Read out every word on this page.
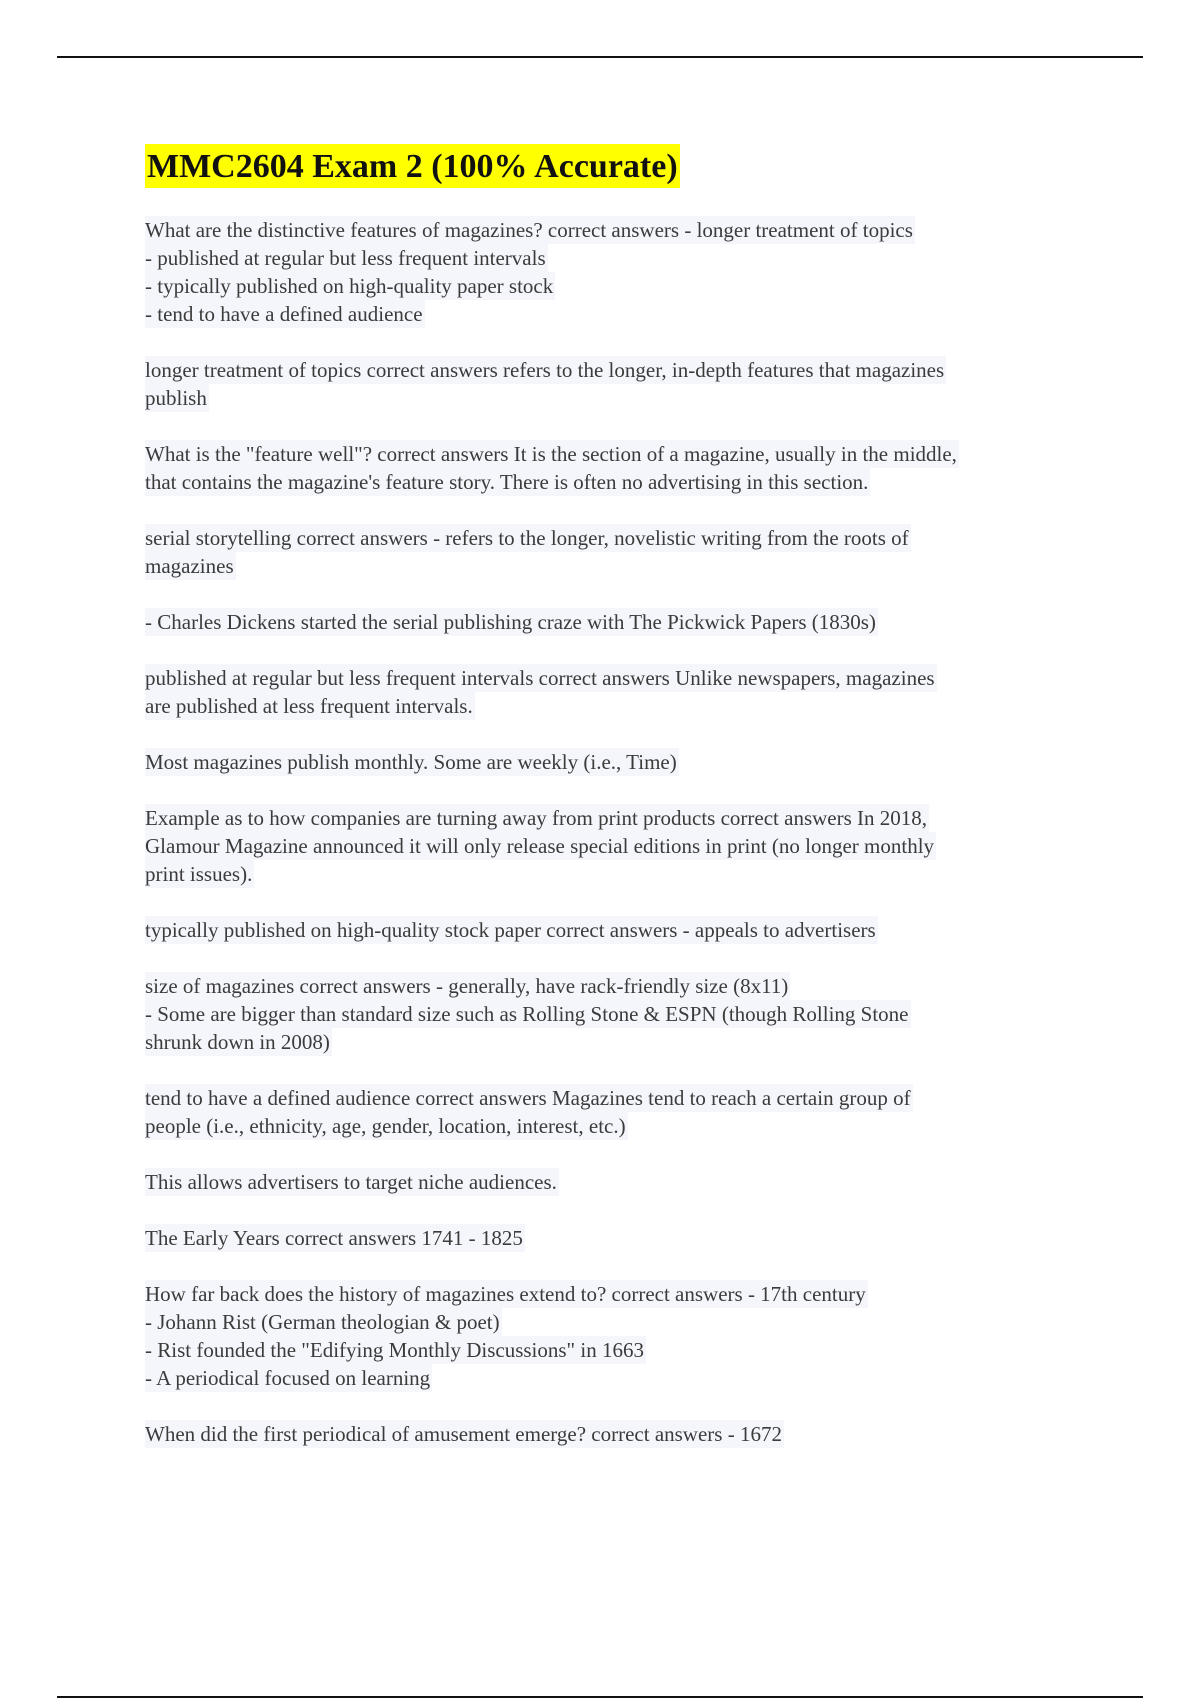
MMC2604 Exam 2 (100% Accurate)
What are the distinctive features of magazines? correct answers - longer treatment of topics
- published at regular but less frequent intervals
- typically published on high-quality paper stock
- tend to have a defined audience
longer treatment of topics correct answers refers to the longer, in-depth features that magazines
publish
What is the "feature well"? correct answers It is the section of a magazine, usually in the middle,
that contains the magazine's feature story. There is often no advertising in this section.
serial storytelling correct answers - refers to the longer, novelistic writing from the roots of
magazines
- Charles Dickens started the serial publishing craze with The Pickwick Papers (1830s)
published at regular but less frequent intervals correct answers Unlike newspapers, magazines
are published at less frequent intervals.
Most magazines publish monthly. Some are weekly (i.e., Time)
Example as to how companies are turning away from print products correct answers In 2018,
Glamour Magazine announced it will only release special editions in print (no longer monthly
print issues).
typically published on high-quality stock paper correct answers - appeals to advertisers
size of magazines correct answers - generally, have rack-friendly size (8x11)
- Some are bigger than standard size such as Rolling Stone & ESPN (though Rolling Stone
shrunk down in 2008)
tend to have a defined audience correct answers Magazines tend to reach a certain group of
people (i.e., ethnicity, age, gender, location, interest, etc.)
This allows advertisers to target niche audiences.
The Early Years correct answers 1741 - 1825
How far back does the history of magazines extend to? correct answers - 17th century
- Johann Rist (German theologian & poet)
- Rist founded the "Edifying Monthly Discussions" in 1663
- A periodical focused on learning
When did the first periodical of amusement emerge? correct answers - 1672
